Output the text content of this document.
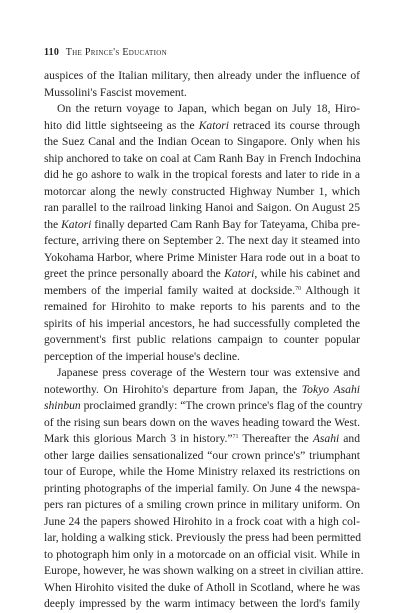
110 The Prince's Education
auspices of the Italian military, then already under the influence of
Mussolini's Fascist movement.
On the return voyage to Japan, which began on July 18, Hiro-
hito did little sightseeing as the Katori retraced its course through
the Suez Canal and the Indian Ocean to Singapore. Only when his
ship anchored to take on coal at Cam Ranh Bay in French Indochina
did he go ashore to walk in the tropical forests and later to ride in a
motorcar along the newly constructed Highway Number 1, which
ran parallel to the railroad linking Hanoi and Saigon. On August 25
the Katori finally departed Cam Ranh Bay for Tateyama, Chiba pre-
fecture, arriving there on September 2. The next day it steamed into
Yokohama Harbor, where Prime Minister Hara rode out in a boat to
greet the prince personally aboard the Katori, while his cabinet and
members of the imperial family waited at dockside.$^{70}$ Although it
remained for Hirohito to make reports to his parents and to the
spirits of his imperial ancestors, he had successfully completed the
government's first public relations campaign to counter popular
perception of the imperial house's decline.
Japanese press coverage of the Western tour was extensive and
noteworthy. On Hirohito's departure from Japan, the Tokyo Asahi
shinbun proclaimed grandly: “The crown prince's flag of the country
of the rising sun bears down on the waves heading toward the West.
Mark this glorious March 3 in history.”$^{71}$ Thereafter the Asahi and
other large dailies sensationalized “our crown prince's” triumphant
tour of Europe, while the Home Ministry relaxed its restrictions on
printing photographs of the imperial family. On June 4 the newspa-
pers ran pictures of a smiling crown prince in military uniform. On
June 24 the papers showed Hirohito in a frock coat with a high col-
lar, holding a walking stick. Previously the press had been permitted
to photograph him only in a motorcade on an official visit. While in
Europe, however, he was shown walking on a street in civilian attire.
When Hirohito visited the duke of Atholl in Scotland, where he was
deeply impressed by the warm intimacy between the lord's family
